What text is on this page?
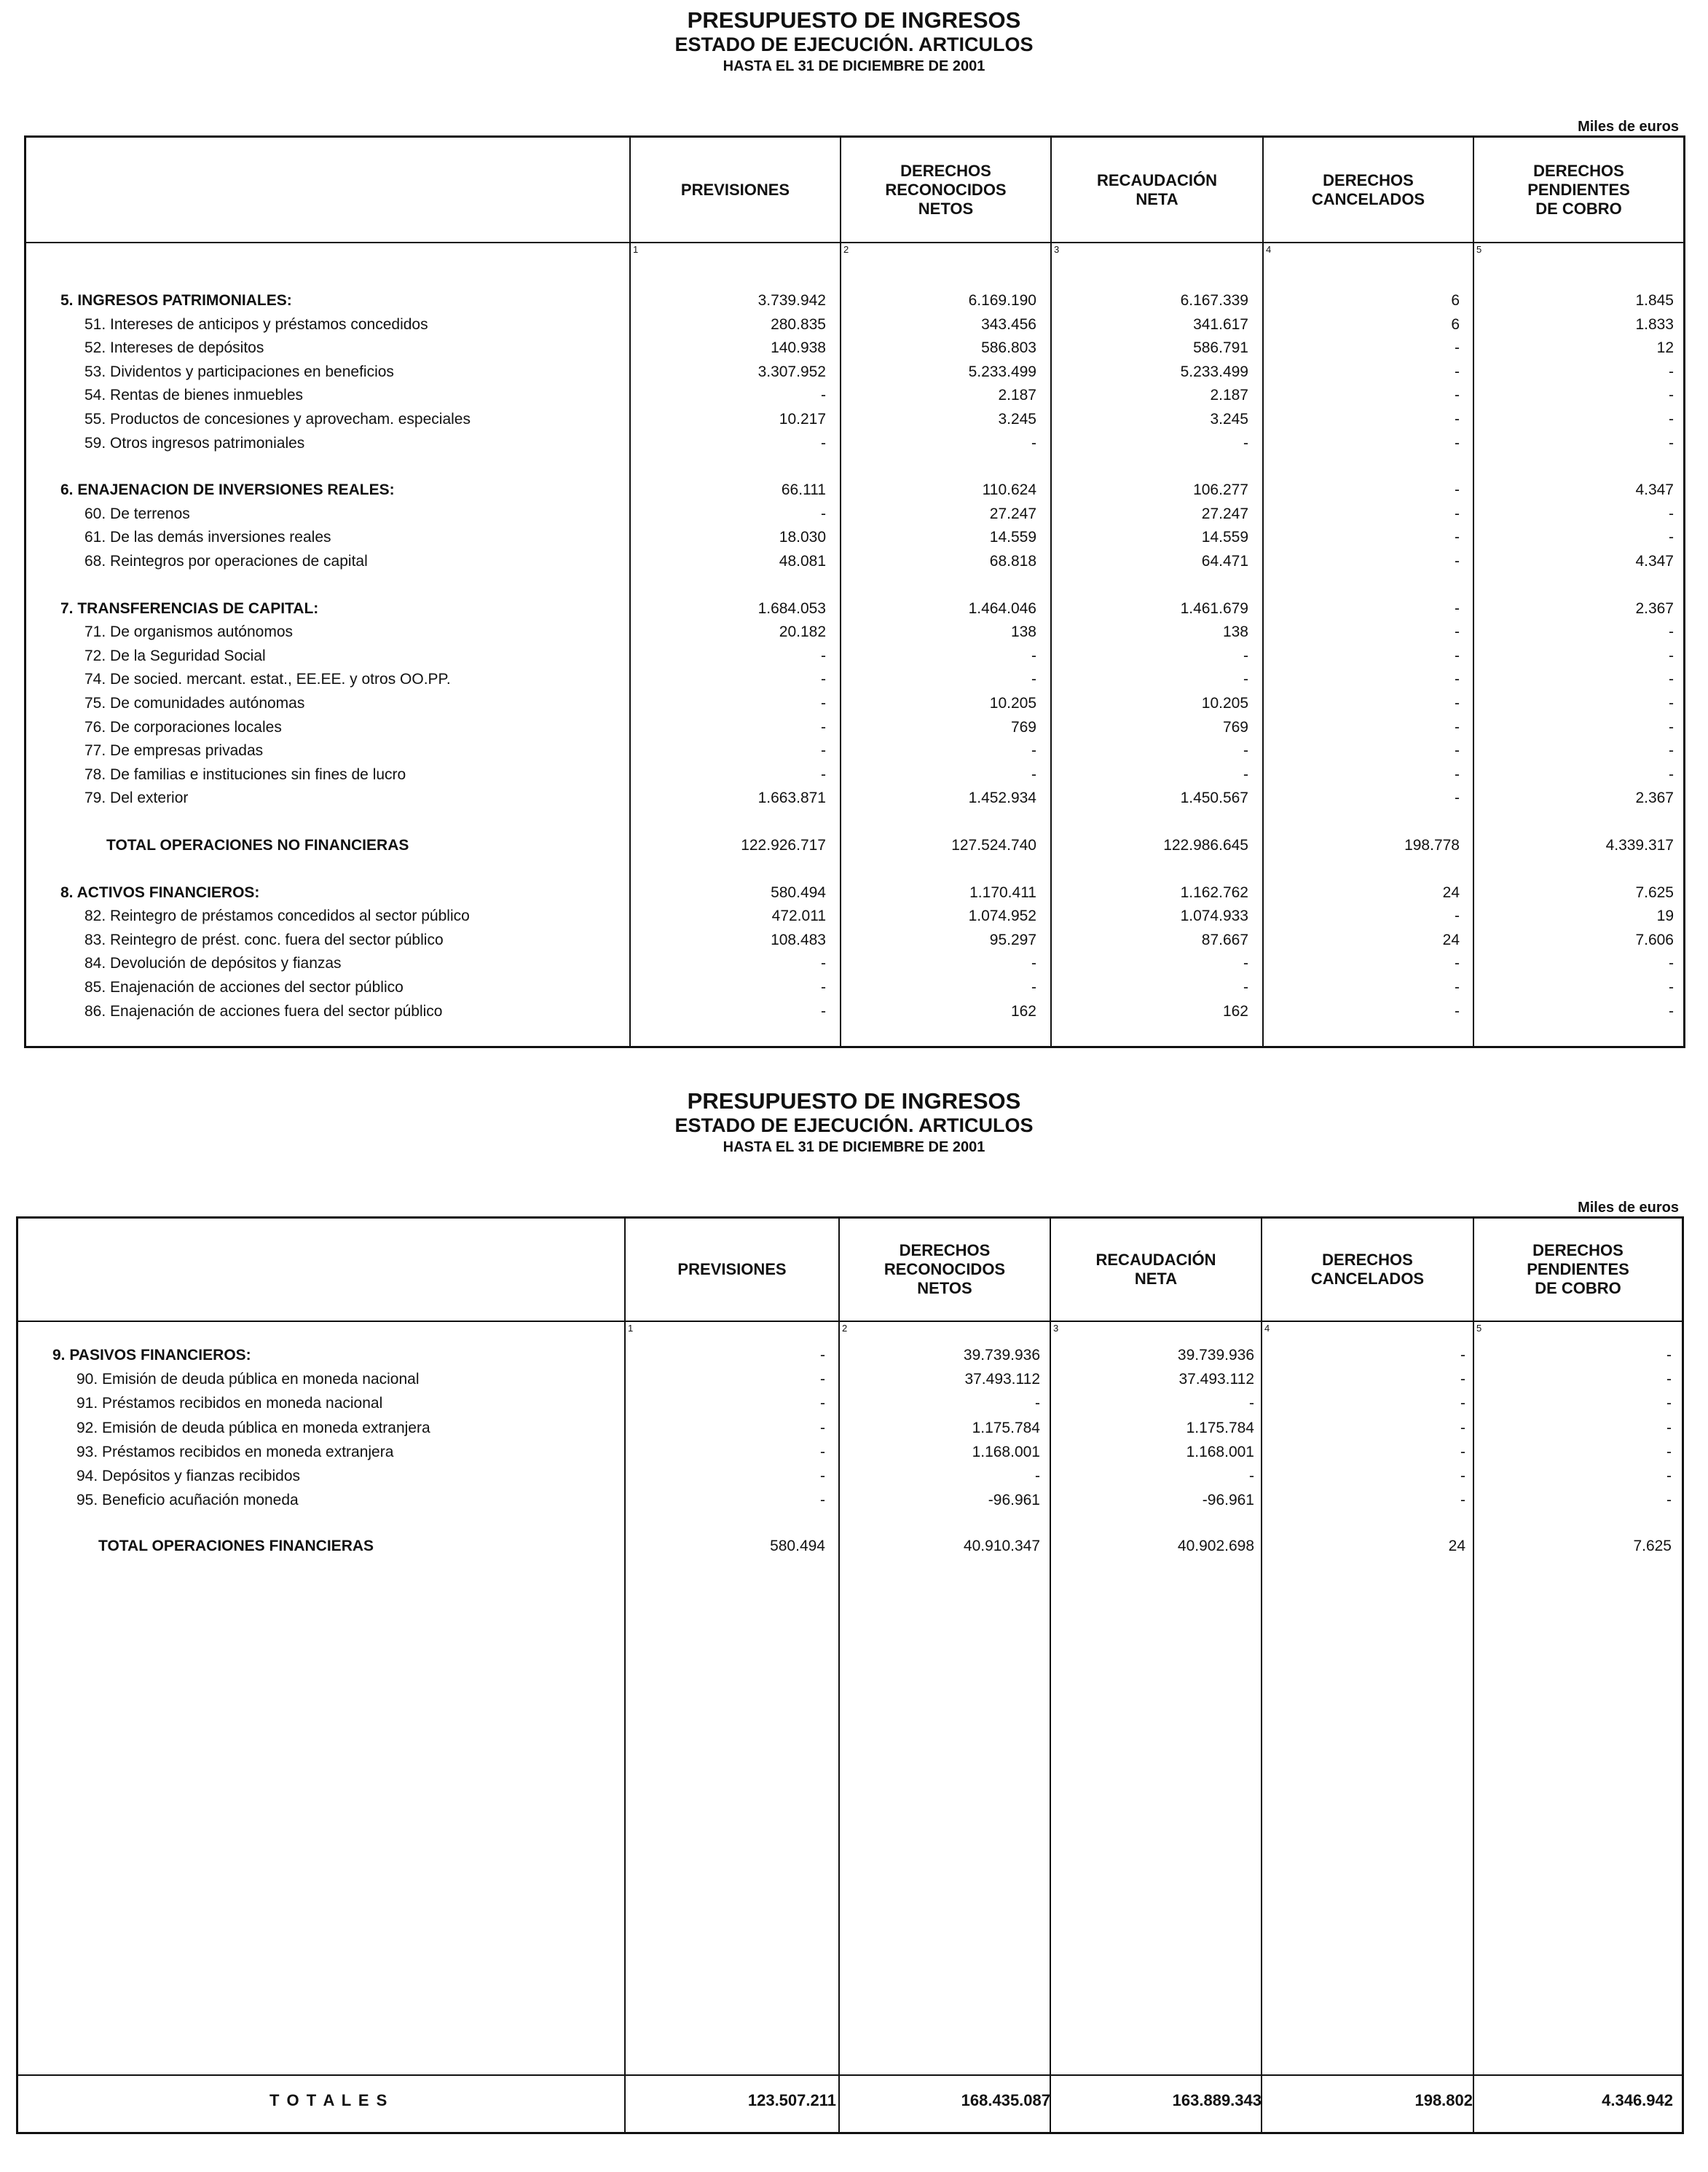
PRESUPUESTO DE INGRESOS
ESTADO DE EJECUCIÓN. ARTICULOS
HASTA EL 31 DE DICIEMBRE DE 2001
Miles de euros
PREVISIONES
DERECHOS
RECONOCIDOS
NETOS
RECAUDACIÓN
NETA
DERECHOS
CANCELADOS
DERECHOS
PENDIENTES
DE COBRO
1	2	3	4	5
5. INGRESOS PATRIMONIALES:	3.739.942	6.169.190	6.167.339	6	1.845
51. Intereses de anticipos y préstamos concedidos	280.835	343.456	341.617	6	1.833
52. Intereses de depósitos	140.938	586.803	586.791	-	12
53. Dividentos y participaciones en beneficios	3.307.952	5.233.499	5.233.499	-	-
54. Rentas de bienes inmuebles	-	2.187	2.187	-	-
55. Productos de concesiones y aprovecham. especiales	10.217	3.245	3.245	-	-
59. Otros ingresos patrimoniales	-	-	-	-	-
6. ENAJENACION DE INVERSIONES REALES:	66.111	110.624	106.277	-	4.347
60. De terrenos	-	27.247	27.247	-	-
61. De las demás inversiones reales	18.030	14.559	14.559	-	-
68. Reintegros por operaciones de capital	48.081	68.818	64.471	-	4.347
7. TRANSFERENCIAS DE CAPITAL:	1.684.053	1.464.046	1.461.679	-	2.367
71. De organismos autónomos	20.182	138	138	-	-
72. De la Seguridad Social	-	-	-	-	-
74. De socied. mercant. estat., EE.EE. y otros OO.PP.	-	-	-	-	-
75. De comunidades autónomas	-	10.205	10.205	-	-
76. De corporaciones locales	-	769	769	-	-
77. De empresas privadas	-	-	-	-	-
78. De familias e instituciones sin fines de lucro	-	-	-	-	-
79. Del exterior	1.663.871	1.452.934	1.450.567	-	2.367
TOTAL OPERACIONES NO FINANCIERAS	122.926.717	127.524.740	122.986.645	198.778	4.339.317
8. ACTIVOS FINANCIEROS:	580.494	1.170.411	1.162.762	24	7.625
82. Reintegro de préstamos concedidos al sector público	472.011	1.074.952	1.074.933	-	19
83. Reintegro de prést. conc. fuera del sector público	108.483	95.297	87.667	24	7.606
84. Devolución de depósitos y fianzas	-	-	-	-	-
85. Enajenación de acciones del sector público	-	-	-	-	-
86. Enajenación de acciones fuera del sector público	-	162	162	-	-
PRESUPUESTO DE INGRESOS
ESTADO DE EJECUCIÓN. ARTICULOS
HASTA EL 31 DE DICIEMBRE DE 2001
Miles de euros
PREVISIONES
DERECHOS
RECONOCIDOS
NETOS
RECAUDACIÓN
NETA
DERECHOS
CANCELADOS
DERECHOS
PENDIENTES
DE COBRO
1	2	3	4	5
9. PASIVOS FINANCIEROS:	-	39.739.936	39.739.936	-	-
90. Emisión de deuda pública en moneda nacional	-	37.493.112	37.493.112	-	-
91. Préstamos recibidos en moneda nacional	-	-	-	-	-
92. Emisión de deuda pública en moneda extranjera	-	1.175.784	1.175.784	-	-
93. Préstamos recibidos en moneda extranjera	-	1.168.001	1.168.001	-	-
94. Depósitos y fianzas recibidos	-	-	-	-	-
95. Beneficio acuñación moneda	-	-96.961	-96.961	-	-
TOTAL OPERACIONES FINANCIERAS	580.494	40.910.347	40.902.698	24	7.625
T O T A L E S	123.507.211	168.435.087	163.889.343	198.802	4.346.942
